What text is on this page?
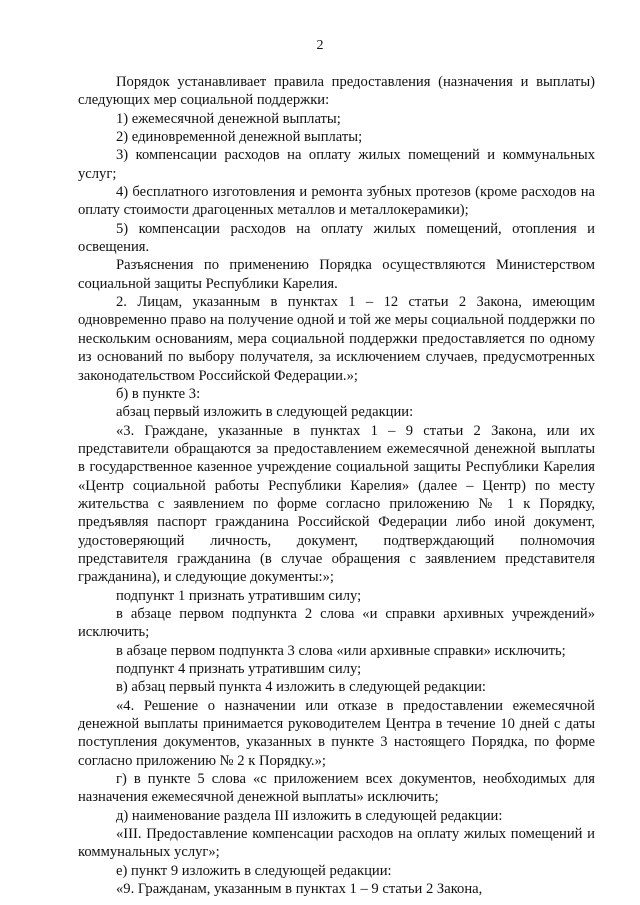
2

Порядок устанавливает правила предоставления (назначения и выплаты) следующих мер социальной поддержки:

1) ежемесячной денежной выплаты;

2) единовременной денежной выплаты;

3) компенсации расходов на оплату жилых помещений и коммунальных услуг;

4) бесплатного изготовления и ремонта зубных протезов (кроме расходов на оплату стоимости драгоценных металлов и металлокерамики);

5) компенсации расходов на оплату жилых помещений, отопления и освещения.

Разъяснения по применению Порядка осуществляются Министерством социальной защиты Республики Карелия.

2. Лицам, указанным в пунктах 1 – 12 статьи 2 Закона, имеющим одновременно право на получение одной и той же меры социальной поддержки по нескольким основаниям, мера социальной поддержки предоставляется по одному из оснований по выбору получателя, за исключением случаев, предусмотренных законодательством Российской Федерации.»;

б) в пункте 3:

абзац первый изложить в следующей редакции:

«3. Граждане, указанные в пунктах 1 – 9 статьи 2 Закона, или их представители обращаются за предоставлением ежемесячной денежной выплаты в государственное казенное учреждение социальной защиты Республики Карелия «Центр социальной работы Республики Карелия» (далее – Центр) по месту жительства с заявлением по форме согласно приложению № 1 к Порядку, предъявляя паспорт гражданина Российской Федерации либо иной документ, удостоверяющий личность, документ, подтверждающий полномочия представителя гражданина (в случае обращения с заявлением представителя гражданина), и следующие документы:»;

подпункт 1 признать утратившим силу;

в абзаце первом подпункта 2 слова «и справки архивных учреждений» исключить;

в абзаце первом подпункта 3 слова «или архивные справки» исключить;

подпункт 4 признать утратившим силу;

в) абзац первый пункта 4 изложить в следующей редакции:

«4. Решение о назначении или отказе в предоставлении ежемесячной денежной выплаты принимается руководителем Центра в течение 10 дней с даты поступления документов, указанных в пункте 3 настоящего Порядка, по форме согласно приложению № 2 к Порядку.»;

г) в пункте 5 слова «с приложением всех документов, необходимых для назначения ежемесячной денежной выплаты» исключить;

д) наименование раздела III изложить в следующей редакции:

«III. Предоставление компенсации расходов на оплату жилых помещений и коммунальных услуг»;

е) пункт 9 изложить в следующей редакции:

«9. Гражданам, указанным в пунктах 1 – 9 статьи 2 Закона,
